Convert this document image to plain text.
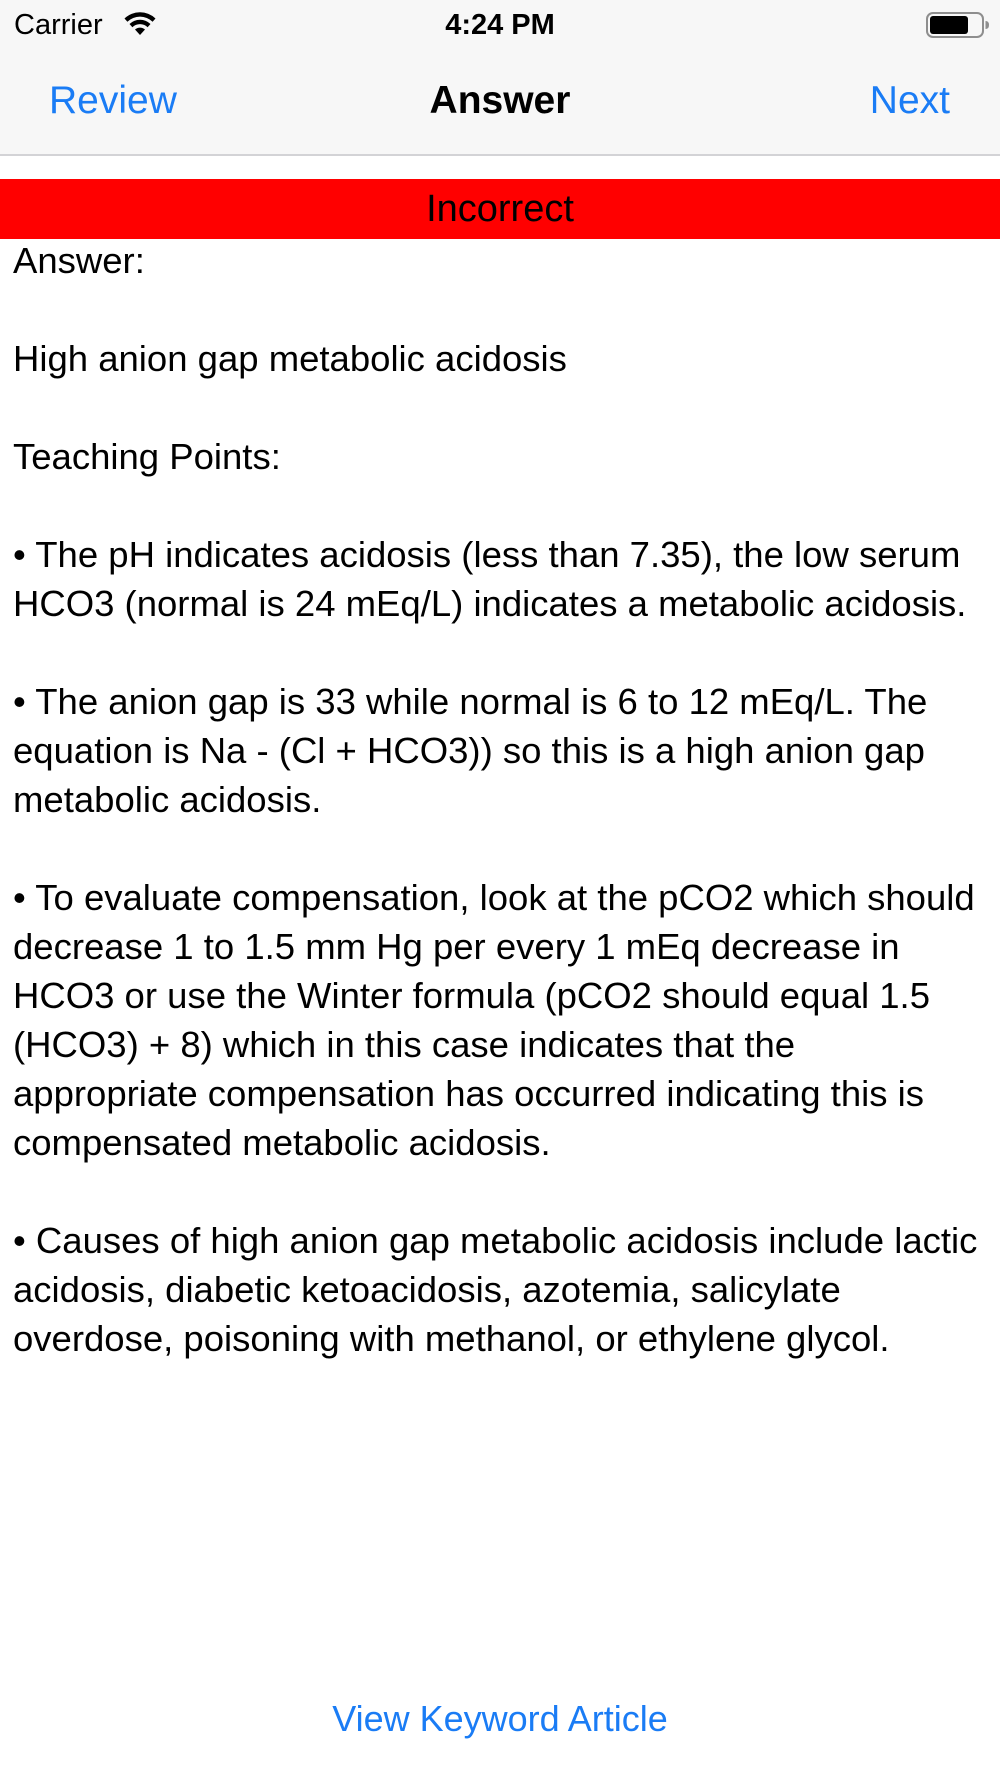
Carrier	4:24 PM
Review	Answer	Next
Incorrect

Answer:

High anion gap metabolic acidosis

Teaching Points:

• The pH indicates acidosis (less than 7.35), the low serum HCO3 (normal is 24 mEq/L) indicates a metabolic acidosis.

• The anion gap is 33 while normal is 6 to 12 mEq/L. The equation is Na - (Cl + HCO3)) so this is a high anion gap metabolic acidosis.

• To evaluate compensation, look at the pCO2 which should decrease 1 to 1.5 mm Hg per every 1 mEq decrease in HCO3 or use the Winter formula (pCO2 should equal 1.5 (HCO3) + 8) which in this case indicates that the appropriate compensation has occurred indicating this is compensated metabolic acidosis.

• Causes of high anion gap metabolic acidosis include lactic acidosis, diabetic ketoacidosis, azotemia, salicylate overdose, poisoning with methanol, or ethylene glycol.

View Keyword Article
